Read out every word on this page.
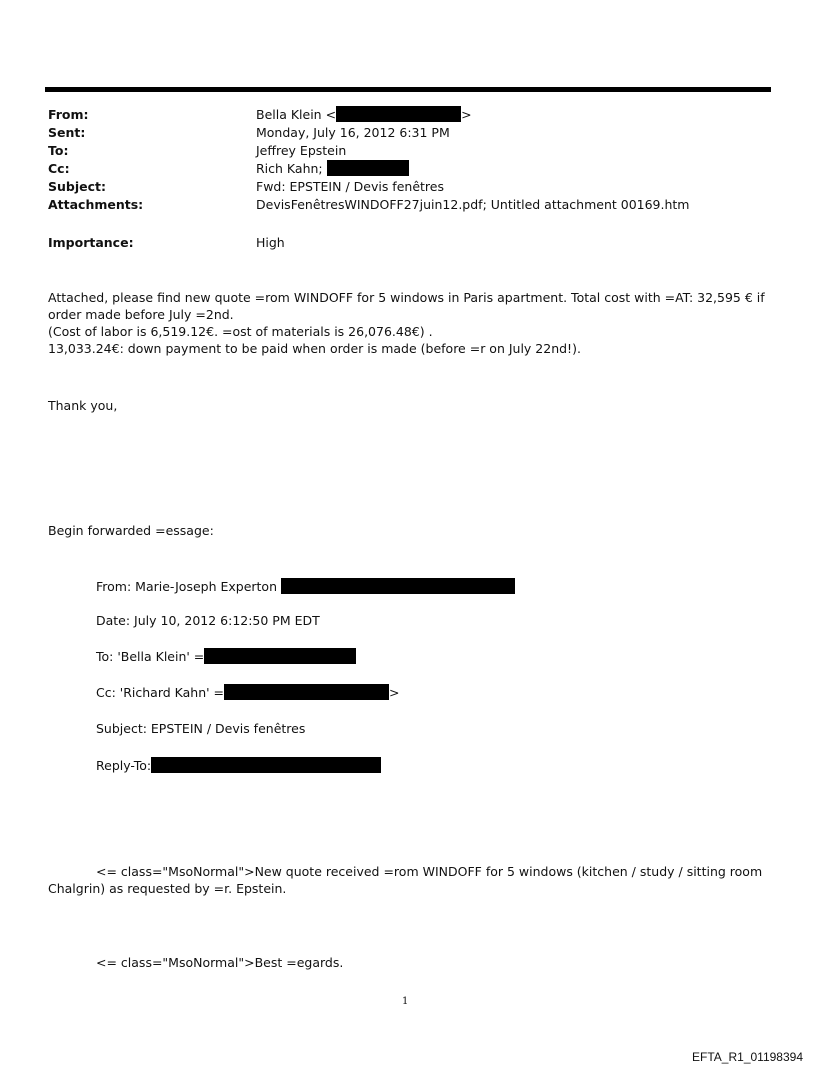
From:	Bella Klein <	>
Sent:	Monday, July 16, 2012 6:31 PM
To:	Jeffrey Epstein
Cc:	Rich Kahn;
Subject:	Fwd: EPSTEIN / Devis fenêtres
Attachments:	DevisFenêtresWINDOFF27juin12.pdf; Untitled attachment 00169.htm
Importance:	High
Attached, please find new quote =rom WINDOFF for 5 windows in Paris apartment. Total cost with =AT: 32,595 € if
order made before July =2nd.
(Cost of labor is 6,519.12€. =ost of materials is 26,076.48€) .
13,033.24€: down payment to be paid when order is made (before =r on July 22nd!).
Thank you,
Begin forwarded =essage:
From: Marie-Joseph Experton
Date: July 10, 2012 6:12:50 PM EDT
To: 'Bella Klein' =
Cc: 'Richard Kahn' =	>
Subject: EPSTEIN / Devis fenêtres
Reply-To:
<= class="MsoNormal">New quote received =rom WINDOFF for 5 windows (kitchen / study / sitting room
Chalgrin) as requested by =r. Epstein.
<= class="MsoNormal">Best =egards.
1
EFTA_R1_01198394
